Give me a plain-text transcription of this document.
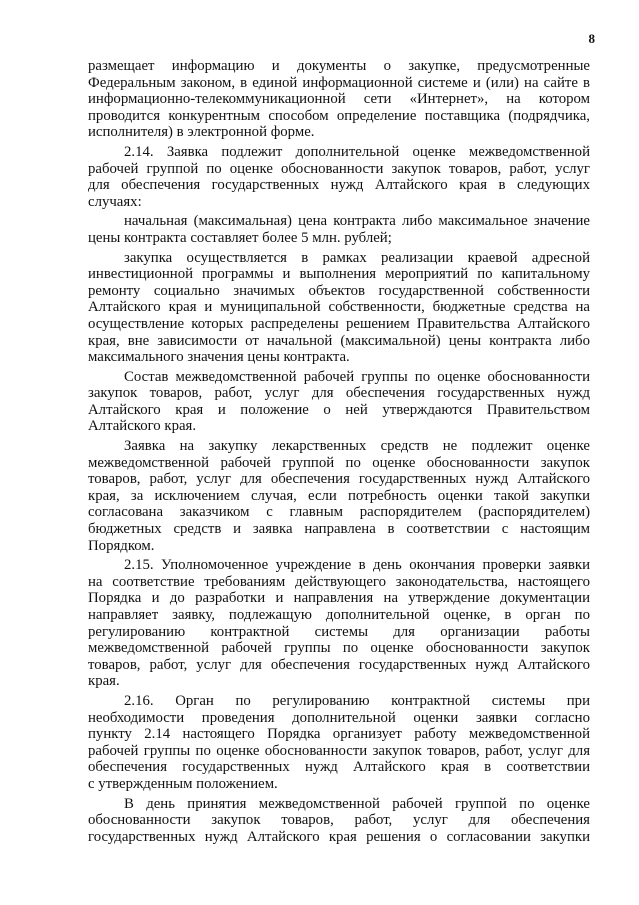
8
размещает информацию и документы о закупке, предусмотренные
Федеральным законом, в единой информационной системе и (или) на сайте в
информационно-телекоммуникационной сети «Интернет», на котором
проводится конкурентным способом определение поставщика (подрядчика,
исполнителя) в электронной форме.
2.14. Заявка подлежит дополнительной оценке межведомственной
рабочей группой по оценке обоснованности закупок товаров, работ, услуг
для обеспечения государственных нужд Алтайского края в следующих
случаях:
начальная (максимальная) цена контракта либо максимальное значение
цены контракта составляет более 5 млн. рублей;
закупка осуществляется в рамках реализации краевой адресной
инвестиционной программы и выполнения мероприятий по капитальному
ремонту социально значимых объектов государственной собственности
Алтайского края и муниципальной собственности, бюджетные средства на
осуществление которых распределены решением Правительства Алтайского
края, вне зависимости от начальной (максимальной) цены контракта либо
максимального значения цены контракта.
Состав межведомственной рабочей группы по оценке обоснованности
закупок товаров, работ, услуг для обеспечения государственных нужд
Алтайского края и положение о ней утверждаются Правительством
Алтайского края.
Заявка на закупку лекарственных средств не подлежит оценке
межведомственной рабочей группой по оценке обоснованности закупок
товаров, работ, услуг для обеспечения государственных нужд Алтайского
края, за исключением случая, если потребность оценки такой закупки
согласована заказчиком с главным распорядителем (распорядителем)
бюджетных средств и заявка направлена в соответствии с настоящим
Порядком.
2.15. Уполномоченное учреждение в день окончания проверки заявки
на соответствие требованиям действующего законодательства, настоящего
Порядка и до разработки и направления на утверждение документации
направляет заявку, подлежащую дополнительной оценке, в орган по
регулированию контрактной системы для организации работы
межведомственной рабочей группы по оценке обоснованности закупок
товаров, работ, услуг для обеспечения государственных нужд Алтайского
края.
2.16. Орган по регулированию контрактной системы при
необходимости проведения дополнительной оценки заявки согласно
пункту 2.14 настоящего Порядка организует работу межведомственной
рабочей группы по оценке обоснованности закупок товаров, работ, услуг для
обеспечения государственных нужд Алтайского края в соответствии
с утвержденным положением.
В день принятия межведомственной рабочей группой по оценке
обоснованности закупок товаров, работ, услуг для обеспечения
государственных нужд Алтайского края решения о согласовании закупки
